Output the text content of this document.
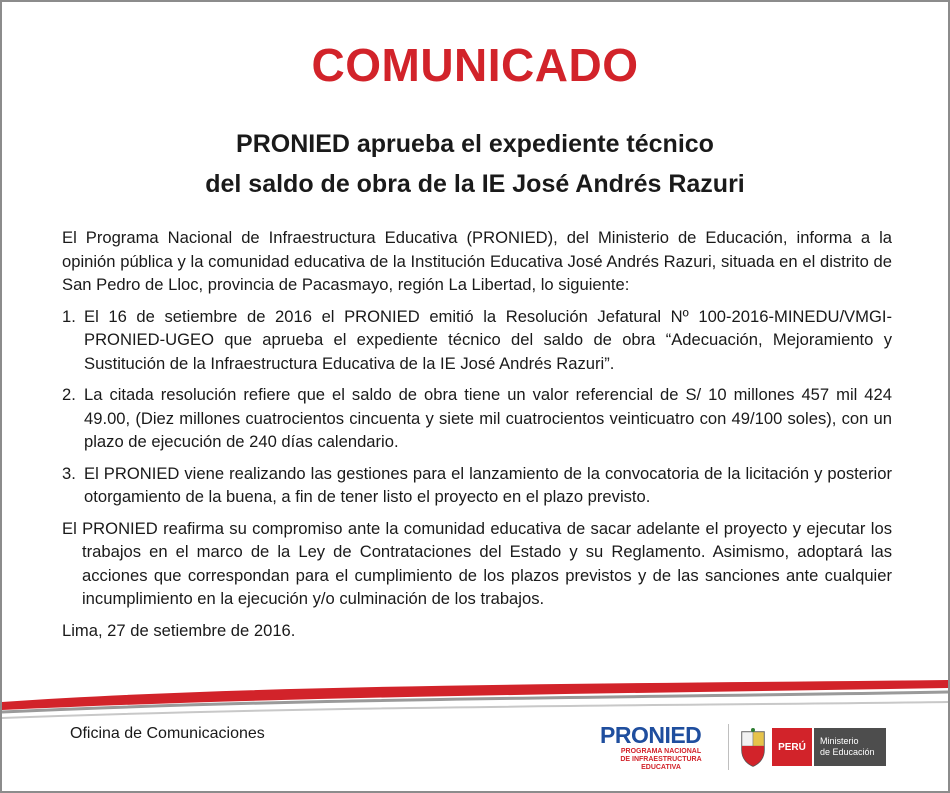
COMUNICADO
PRONIED aprueba el expediente técnico
del saldo de obra de la IE José Andrés Razuri

El Programa Nacional de Infraestructura Educativa (PRONIED), del Ministerio de Educación, informa a la opinión pública y la comunidad educativa de la Institución Educativa José Andrés Razuri, situada en el distrito de San Pedro de Lloc, provincia de Pacasmayo, región La Libertad, lo siguiente:

1. El 16 de setiembre de 2016 el PRONIED emitió la Resolución Jefatural Nº 100-2016-MINEDU/VMGI-PRONIED-UGEO que aprueba el expediente técnico del saldo de obra “Adecuación, Mejoramiento y Sustitución de la Infraestructura Educativa de la IE José Andrés Razuri”.
2. La citada resolución refiere que el saldo de obra tiene un valor referencial de S/ 10 millones 457 mil 424 49.00, (Diez millones cuatrocientos cincuenta y siete mil cuatrocientos veinticuatro con 49/100 soles), con un plazo de ejecución de 240 días calendario.
3. El PRONIED viene realizando las gestiones para el lanzamiento de la convocatoria de la licitación y posterior otorgamiento de la buena, a fin de tener listo el proyecto en el plazo previsto.

El PRONIED reafirma su compromiso ante la comunidad educativa de sacar adelante el proyecto y ejecutar los trabajos en el marco de la Ley de Contrataciones del Estado y su Reglamento. Asimismo, adoptará las acciones que correspondan para el cumplimiento de los plazos previstos y de las sanciones ante cualquier incumplimiento en la ejecución y/o culminación de los trabajos.

Lima, 27 de setiembre de 2016.

Oficina de Comunicaciones	PRONIED
PROGRAMA NACIONAL
DE INFRAESTRUCTURA EDUCATIVA
PERÚ
Ministerio
de Educación
